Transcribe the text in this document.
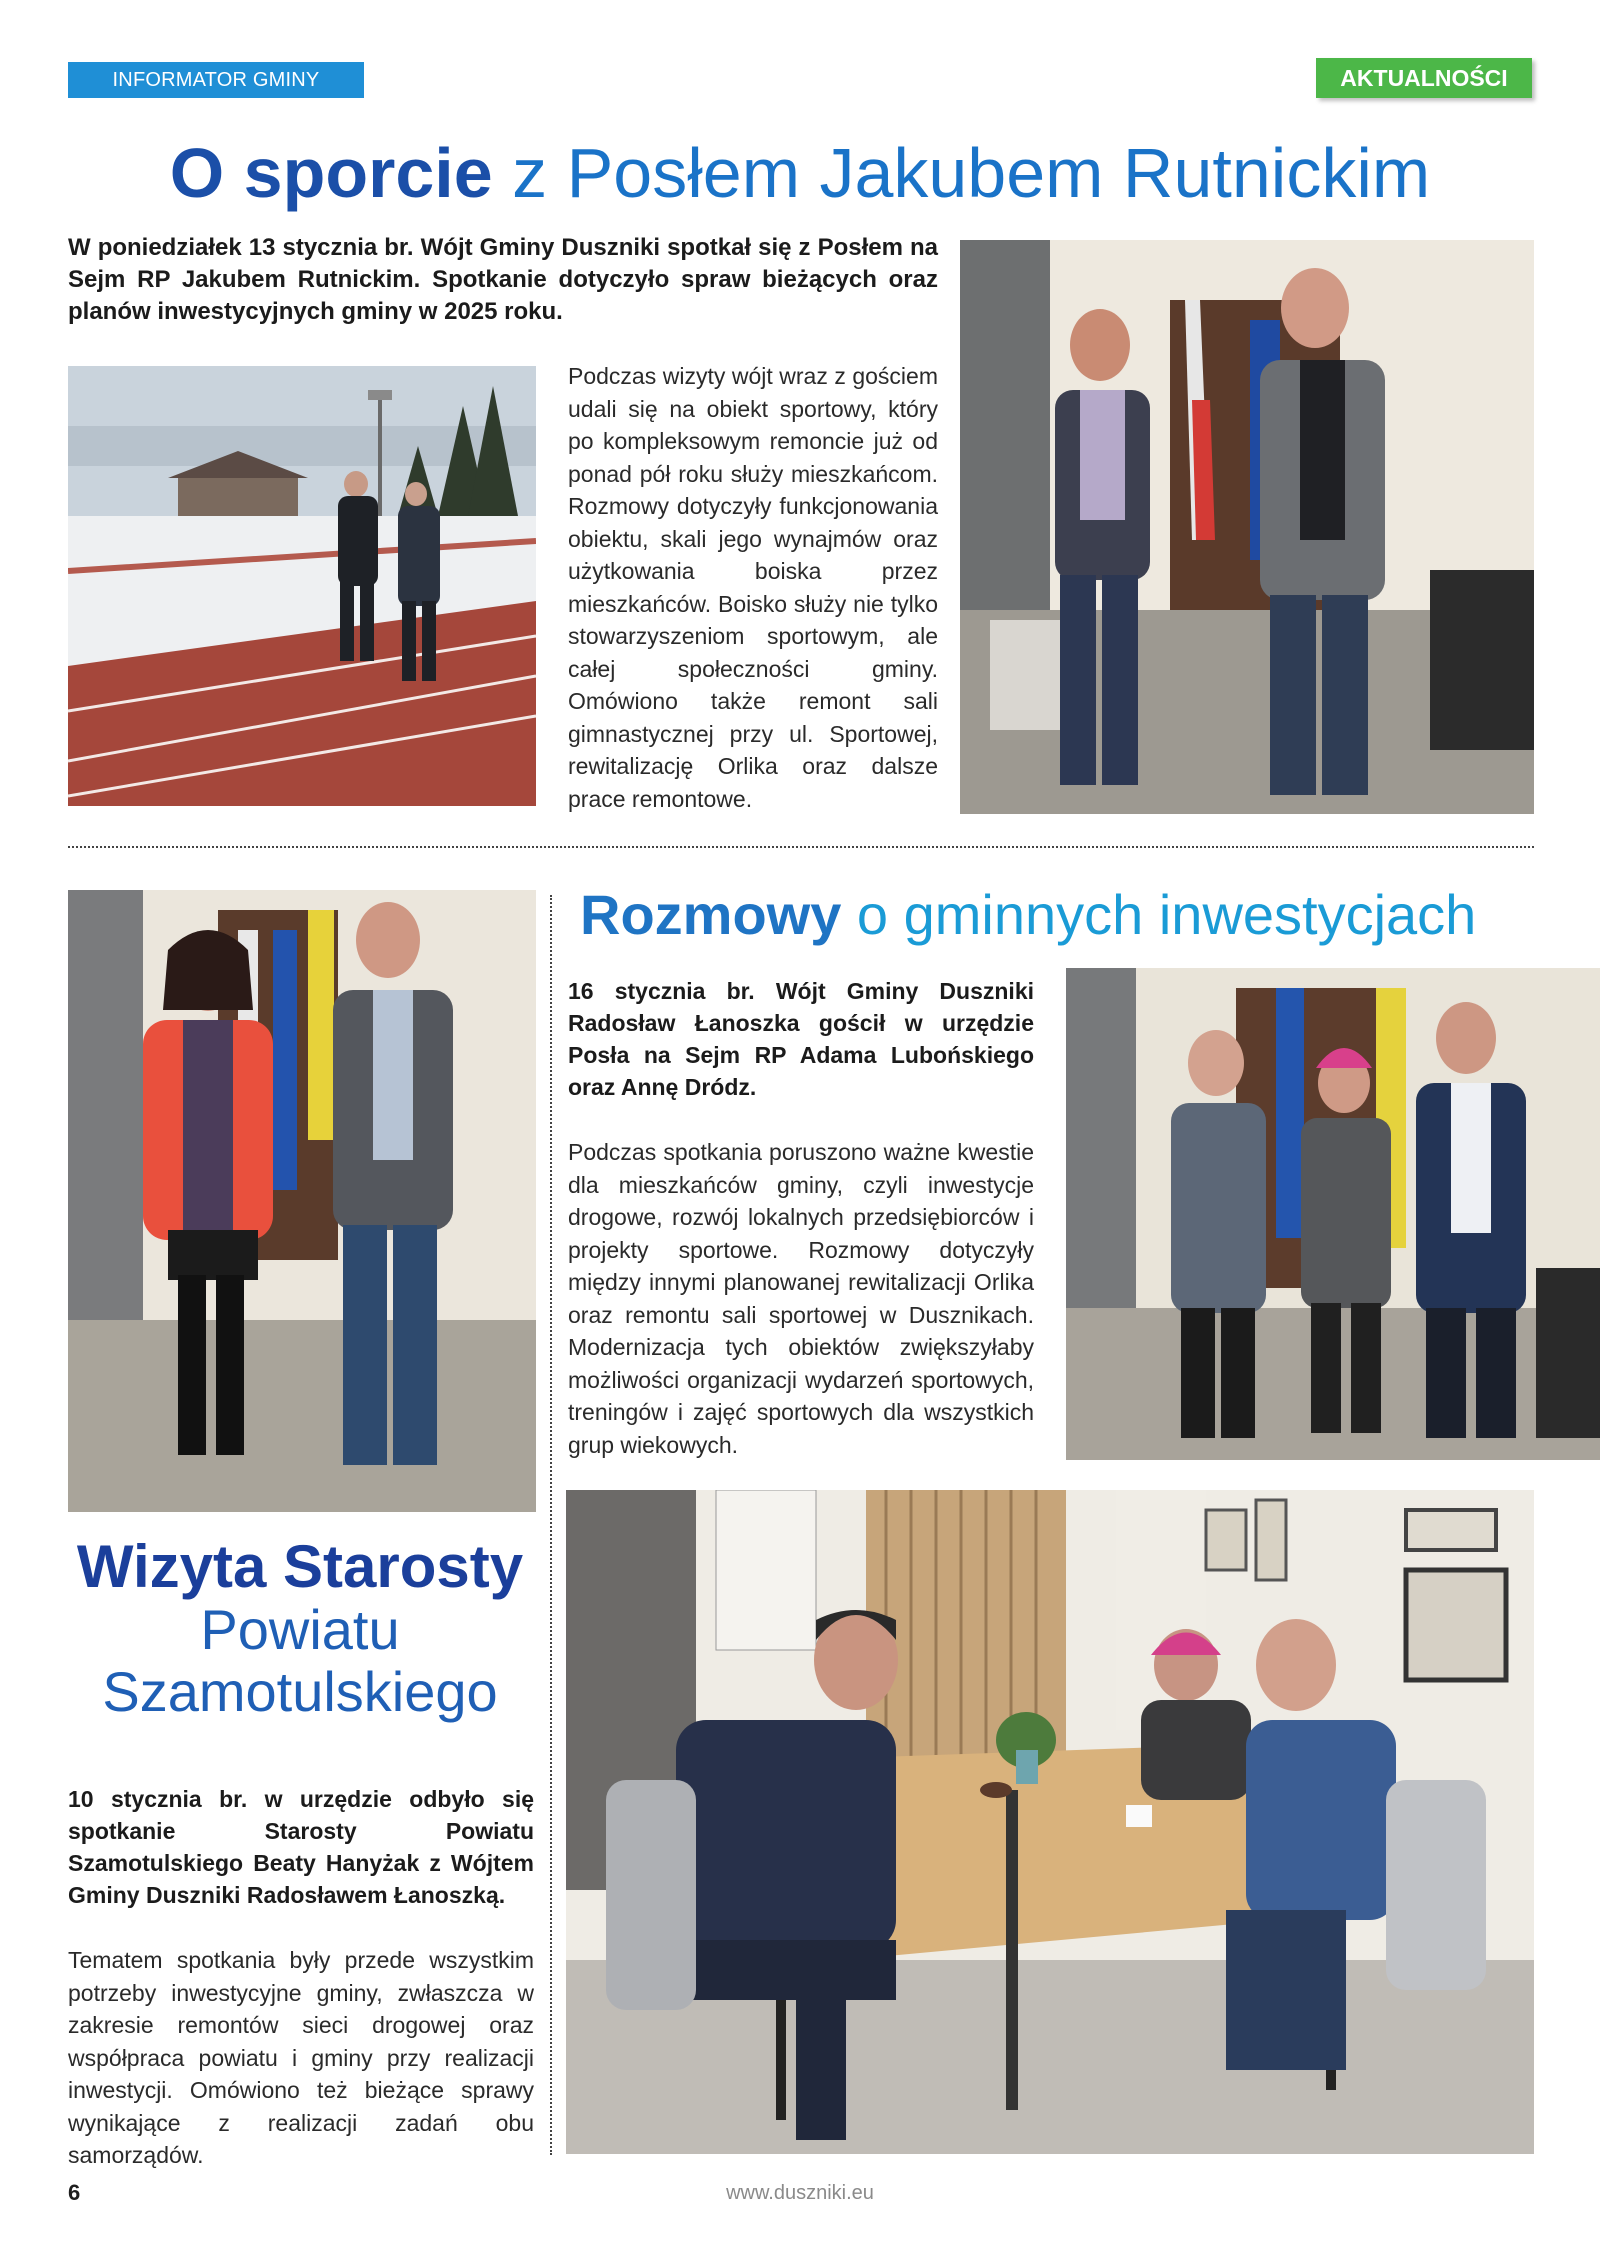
INFORMATOR GMINY DUSZNIKI
AKTUALNOŚCI
O sporcie z Posłem Jakubem Rutnickim
W poniedziałek 13 stycznia br. Wójt Gminy Duszniki spotkał się z Posłem na Sejm RP Jakubem Rutnickim. Spotkanie dotyczyło spraw bieżących oraz planów inwestycyjnych gminy w 2025 roku.
Podczas wizyty wójt wraz z gościem udali się na obiekt sportowy, który po kompleksowym remoncie już od ponad pół roku służy mieszkańcom. Rozmowy dotyczyły funkcjonowania obiektu, skali jego wynajmów oraz użytkowania boiska przez mieszkańców. Boisko służy nie tylko stowarzyszeniom sportowym, ale całej społeczności gminy. Omówiono także remont sali gimnastycznej przy ul. Sportowej, rewitalizację Orlika oraz dalsze prace remontowe.
Wizyta Starosty
Powiatu
Szamotulskiego
10 stycznia br. w urzędzie odbyło się spotkanie Starosty Powiatu Szamotulskiego Beaty Hanyżak z Wójtem Gminy Duszniki Radosławem Łanoszką.
Tematem spotkania były przede wszystkim potrzeby inwestycyjne gminy, zwłaszcza w zakresie remontów sieci drogowej oraz współpraca powiatu i gminy przy realizacji inwestycji. Omówiono też bieżące sprawy wynikające z realizacji zadań obu samorządów.
Rozmowy o gminnych inwestycjach
16 stycznia br. Wójt Gminy Duszniki Radosław Łanoszka gościł w urzędzie Posła na Sejm RP Adama Lubońskiego oraz Annę Dródz.
Podczas spotkania poruszono ważne kwestie dla mieszkańców gminy, czyli inwestycje drogowe, rozwój lokalnych przedsiębiorców i projekty sportowe. Rozmowy dotyczyły między innymi planowanej rewitalizacji Orlika oraz remontu sali sportowej w Dusznikach. Modernizacja tych obiektów zwiększyłaby możliwości organizacji wydarzeń sportowych, treningów i zajęć sportowych dla wszystkich grup wiekowych.
6	www.duszniki.eu
